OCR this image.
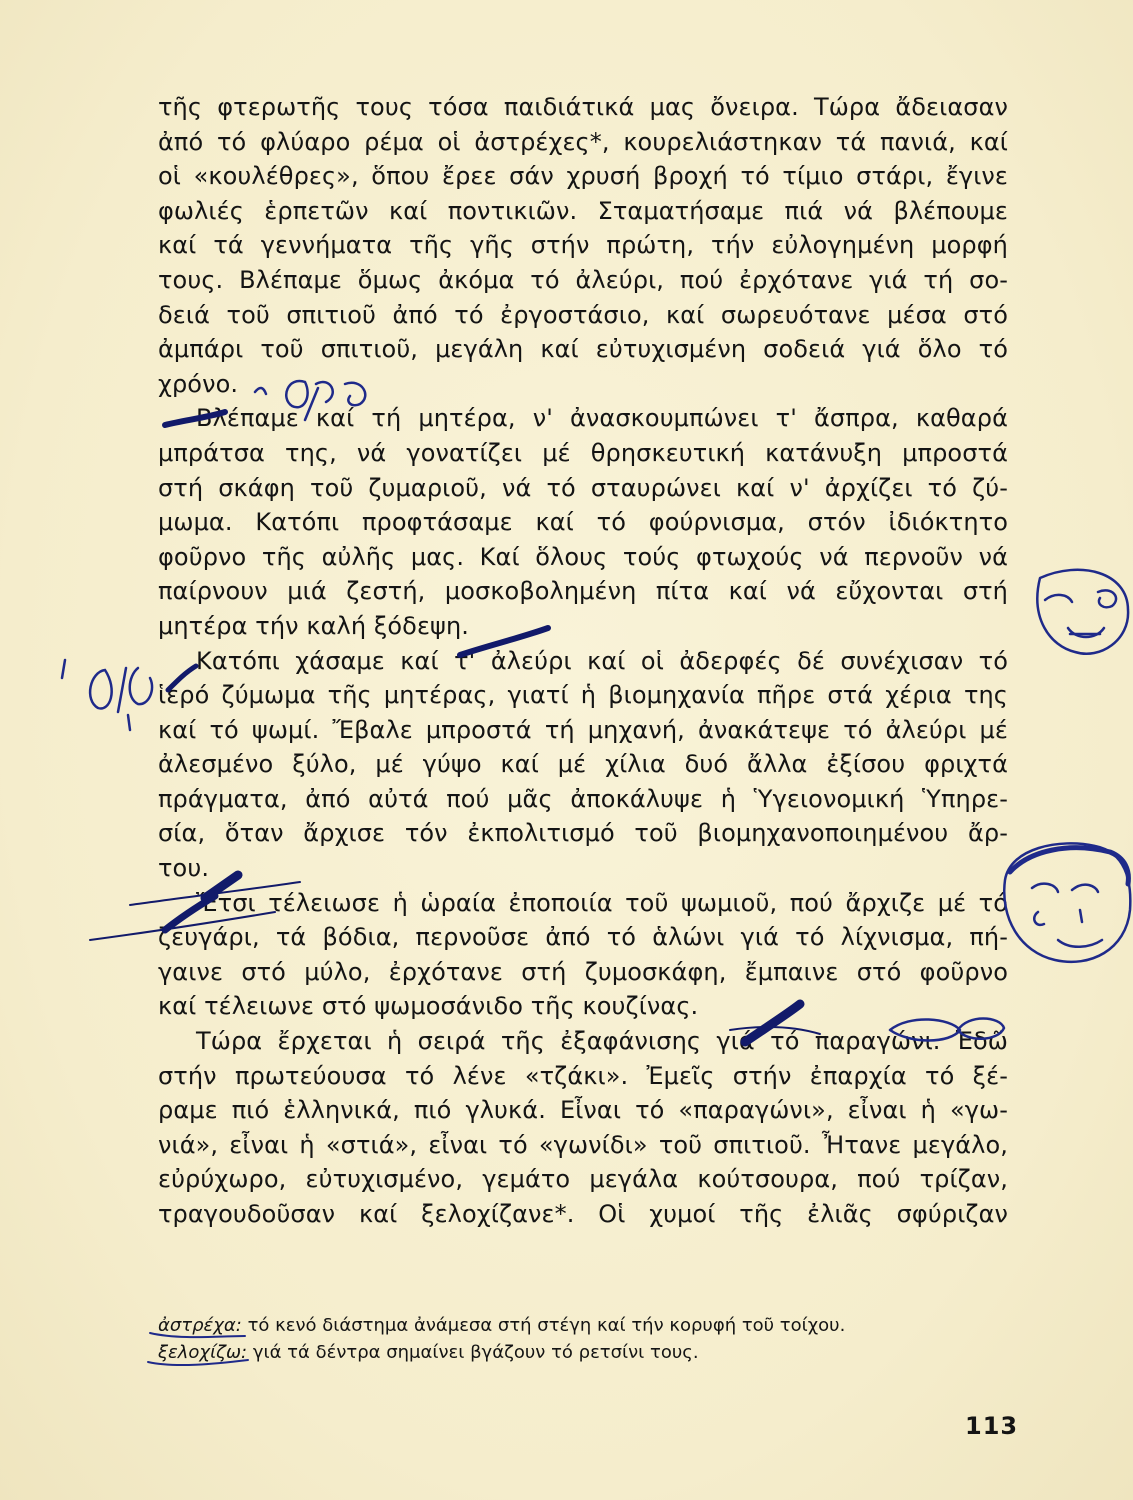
τῆς φτερωτῆς τους τόσα παιδιάτικά μας ὄνειρα. Τώρα ἄδειασαν
ἀπό τό φλύαρο ρέμα οἱ ἀστρέχες*, κουρελιάστηκαν τά πανιά, καί
οἱ «κουλέθρες», ὅπου ἔρεε σάν χρυσή βροχή τό τίμιο στάρι, ἔγινε
φωλιές ἑρπετῶν καί ποντικιῶν. Σταματήσαμε πιά νά βλέπουμε
καί τά γεννήματα τῆς γῆς στήν πρώτη, τήν εὐλογημένη μορφή
τους. Βλέπαμε ὅμως ἀκόμα τό ἀλεύρι, πού ἐρχότανε γιά τή σο-
δειά τοῦ σπιτιοῦ ἀπό τό ἐργοστάσιο, καί σωρευότανε μέσα στό
ἀμπάρι τοῦ σπιτιοῦ, μεγάλη καί εὐτυχισμένη σοδειά γιά ὅλο τό
χρόνο.
Βλέπαμε καί τή μητέρα, ν' ἀνασκουμπώνει τ' ἄσπρα, καθαρά
μπράτσα της, νά γονατίζει μέ θρησκευτική κατάνυξη μπροστά
στή σκάφη τοῦ ζυμαριοῦ, νά τό σταυρώνει καί ν' ἀρχίζει τό ζύ-
μωμα. Κατόπι προφτάσαμε καί τό φούρνισμα, στόν ἰδιόκτητο
φοῦρνο τῆς αὐλῆς μας. Καί ὅλους τούς φτωχούς νά περνοῦν νά
παίρνουν μιά ζεστή, μοσκοβολημένη πίτα καί νά εὔχονται στή
μητέρα τήν καλή ξόδεψη.
Κατόπι χάσαμε καί τ' ἀλεύρι καί οἱ ἀδερφές δέ συνέχισαν τό
ἱερό ζύμωμα τῆς μητέρας, γιατί ἡ βιομηχανία πῆρε στά χέρια της
καί τό ψωμί. Ἔβαλε μπροστά τή μηχανή, ἀνακάτεψε τό ἀλεύρι μέ
ἀλεσμένο ξύλο, μέ γύψο καί μέ χίλια δυό ἄλλα ἐξίσου φριχτά
πράγματα, ἀπό αὐτά πού μᾶς ἀποκάλυψε ἡ Ὑγειονομική Ὑπηρε-
σία, ὅταν ἄρχισε τόν ἐκπολιτισμό τοῦ βιομηχανοποιημένου ἄρ-
του.
Ἔτσι τέλειωσε ἡ ὡραία ἐποποιία τοῦ ψωμιοῦ, πού ἄρχιζε μέ τό
ζευγάρι, τά βόδια, περνοῦσε ἀπό τό ἁλώνι γιά τό λίχνισμα, πή-
γαινε στό μύλο, ἐρχότανε στή ζυμοσκάφη, ἔμπαινε στό φοῦρνο
καί τέλειωνε στό ψωμοσάνιδο τῆς κουζίνας.
Τώρα ἔρχεται ἡ σειρά τῆς ἐξαφάνισης γιά τό παραγώνι. Ἐδῶ
στήν πρωτεύουσα τό λένε «τζάκι». Ἐμεῖς στήν ἐπαρχία τό ξέ-
ραμε πιό ἑλληνικά, πιό γλυκά. Εἶναι τό «παραγώνι», εἶναι ἡ «γω-
νιά», εἶναι ἡ «στιά», εἶναι τό «γωνίδι» τοῦ σπιτιοῦ. Ἦτανε μεγάλο,
εὐρύχωρο, εὐτυχισμένο, γεμάτο μεγάλα κούτσουρα, πού τρίζαν,
τραγουδοῦσαν καί ξελοχίζανε*. Οἱ χυμοί τῆς ἐλιᾶς σφύριζαν
ἀστρέχα: τό κενό διάστημα ἀνάμεσα στή στέγη καί τήν κορυφή τοῦ τοίχου.
ξελοχίζω: γιά τά δέντρα σημαίνει βγάζουν τό ρετσίνι τους.
113
